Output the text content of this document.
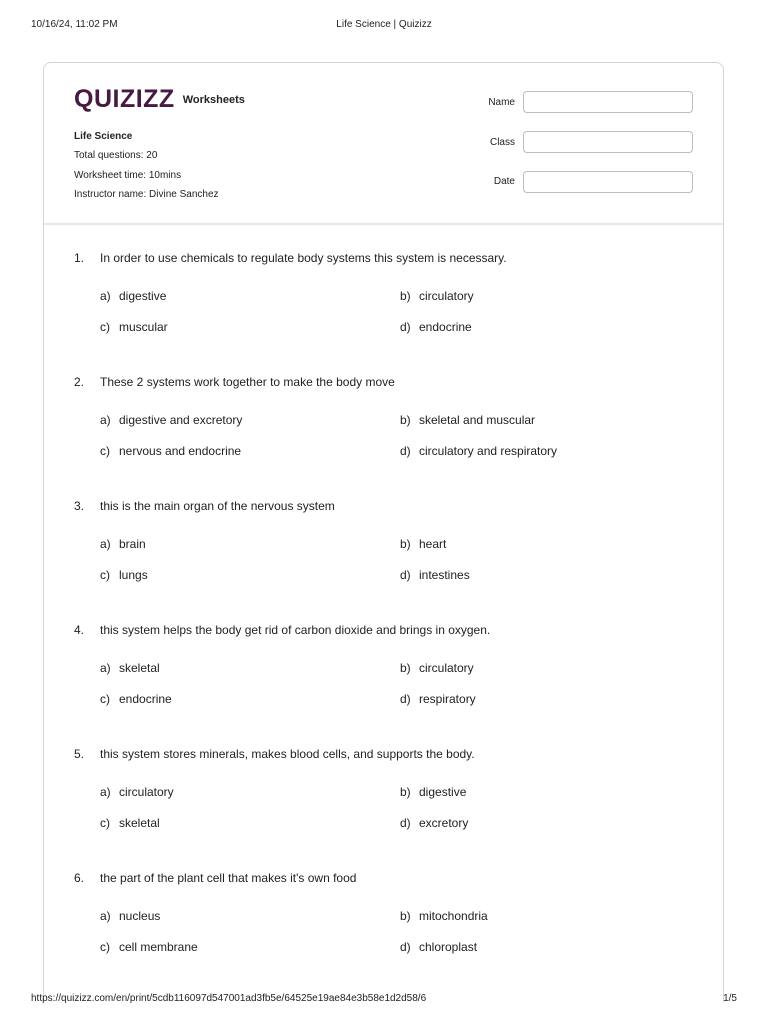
10/16/24, 11:02 PM	Life Science | Quizizz
QUIZIZZ Worksheets
Life Science
Total questions: 20
Worksheet time: 10mins
Instructor name: Divine Sanchez
Name
Class
Date
1. In order to use chemicals to regulate body systems this system is necessary.
a) digestive	b) circulatory
c) muscular	d) endocrine
2. These 2 systems work together to make the body move
a) digestive and excretory	b) skeletal and muscular
c) nervous and endocrine	d) circulatory and respiratory
3. this is the main organ of the nervous system
a) brain	b) heart
c) lungs	d) intestines
4. this system helps the body get rid of carbon dioxide and brings in oxygen.
a) skeletal	b) circulatory
c) endocrine	d) respiratory
5. this system stores minerals, makes blood cells, and supports the body.
a) circulatory	b) digestive
c) skeletal	d) excretory
6. the part of the plant cell that makes it's own food
a) nucleus	b) mitochondria
c) cell membrane	d) chloroplast
https://quizizz.com/en/print/5cdb116097d547001ad3fb5e/64525e19ae84e3b58e1d2d58/6	1/5
